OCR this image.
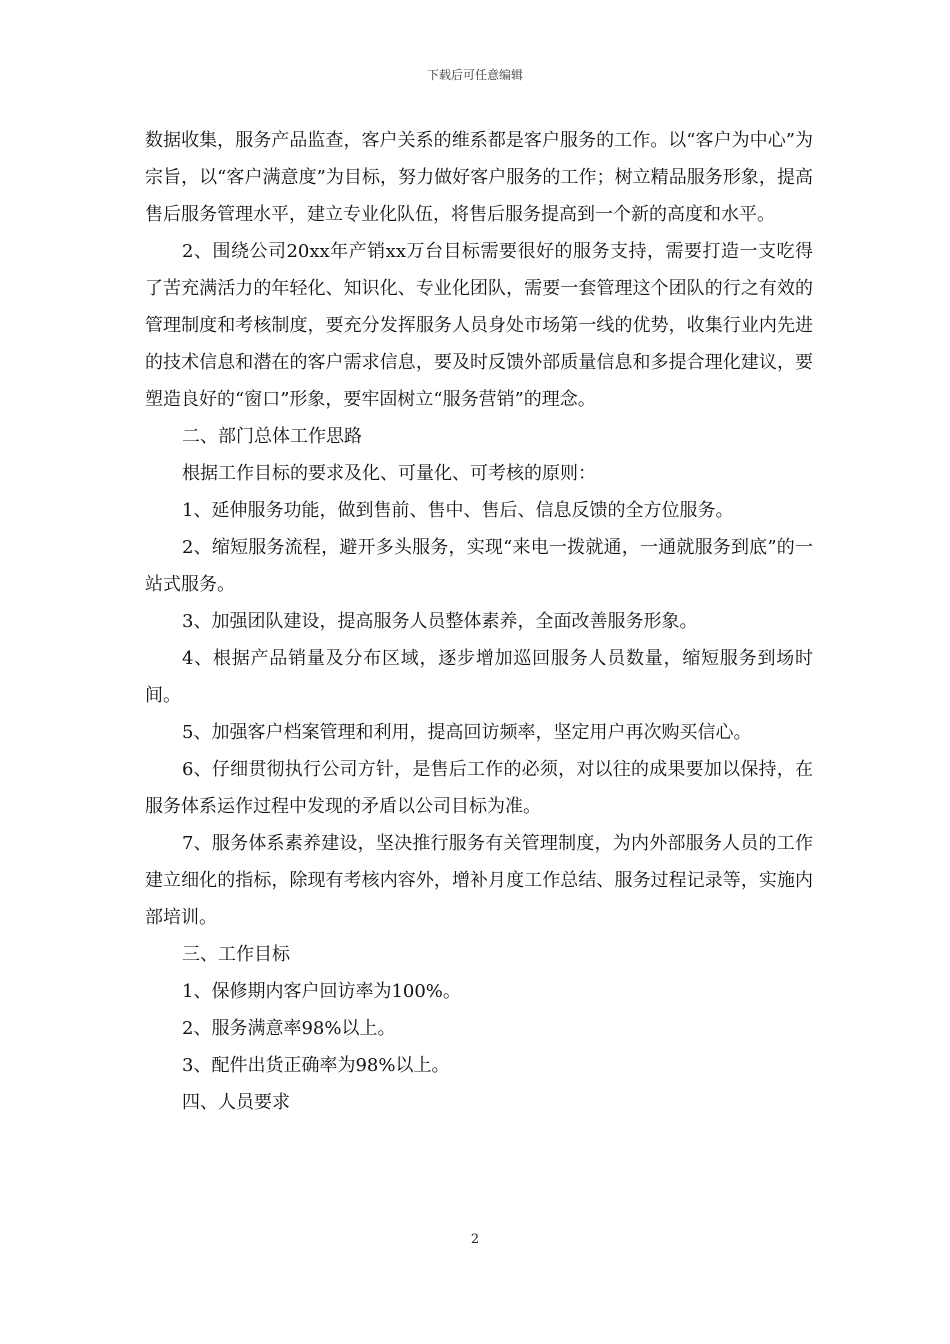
下载后可任意编辑

数据收集，服务产品监查，客户关系的维系都是客户服务的工作。以“客户为中心”为宗旨，以“客户满意度”为目标，努力做好客户服务的工作；树立精品服务形象，提高售后服务管理水平，建立专业化队伍，将售后服务提高到一个新的高度和水平。

2、围绕公司20xx年产销xx万台目标需要很好的服务支持，需要打造一支吃得了苦充满活力的年轻化、知识化、专业化团队，需要一套管理这个团队的行之有效的管理制度和考核制度，要充分发挥服务人员身处市场第一线的优势，收集行业内先进的技术信息和潜在的客户需求信息，要及时反馈外部质量信息和多提合理化建议，要塑造良好的“窗口”形象，要牢固树立“服务营销”的理念。

二、部门总体工作思路

根据工作目标的要求及化、可量化、可考核的原则：

1、延伸服务功能，做到售前、售中、售后、信息反馈的全方位服务。

2、缩短服务流程，避开多头服务，实现“来电一拨就通，一通就服务到底”的一站式服务。

3、加强团队建设，提高服务人员整体素养，全面改善服务形象。

4、根据产品销量及分布区域，逐步增加巡回服务人员数量，缩短服务到场时间。

5、加强客户档案管理和利用，提高回访频率，坚定用户再次购买信心。

6、仔细贯彻执行公司方针，是售后工作的必须，对以往的成果要加以保持，在服务体系运作过程中发现的矛盾以公司目标为准。

7、服务体系素养建设，坚决推行服务有关管理制度，为内外部服务人员的工作建立细化的指标，除现有考核内容外，增补月度工作总结、服务过程记录等，实施内部培训。

三、工作目标

1、保修期内客户回访率为100%。

2、服务满意率98%以上。

3、配件出货正确率为98%以上。

四、人员要求

2
